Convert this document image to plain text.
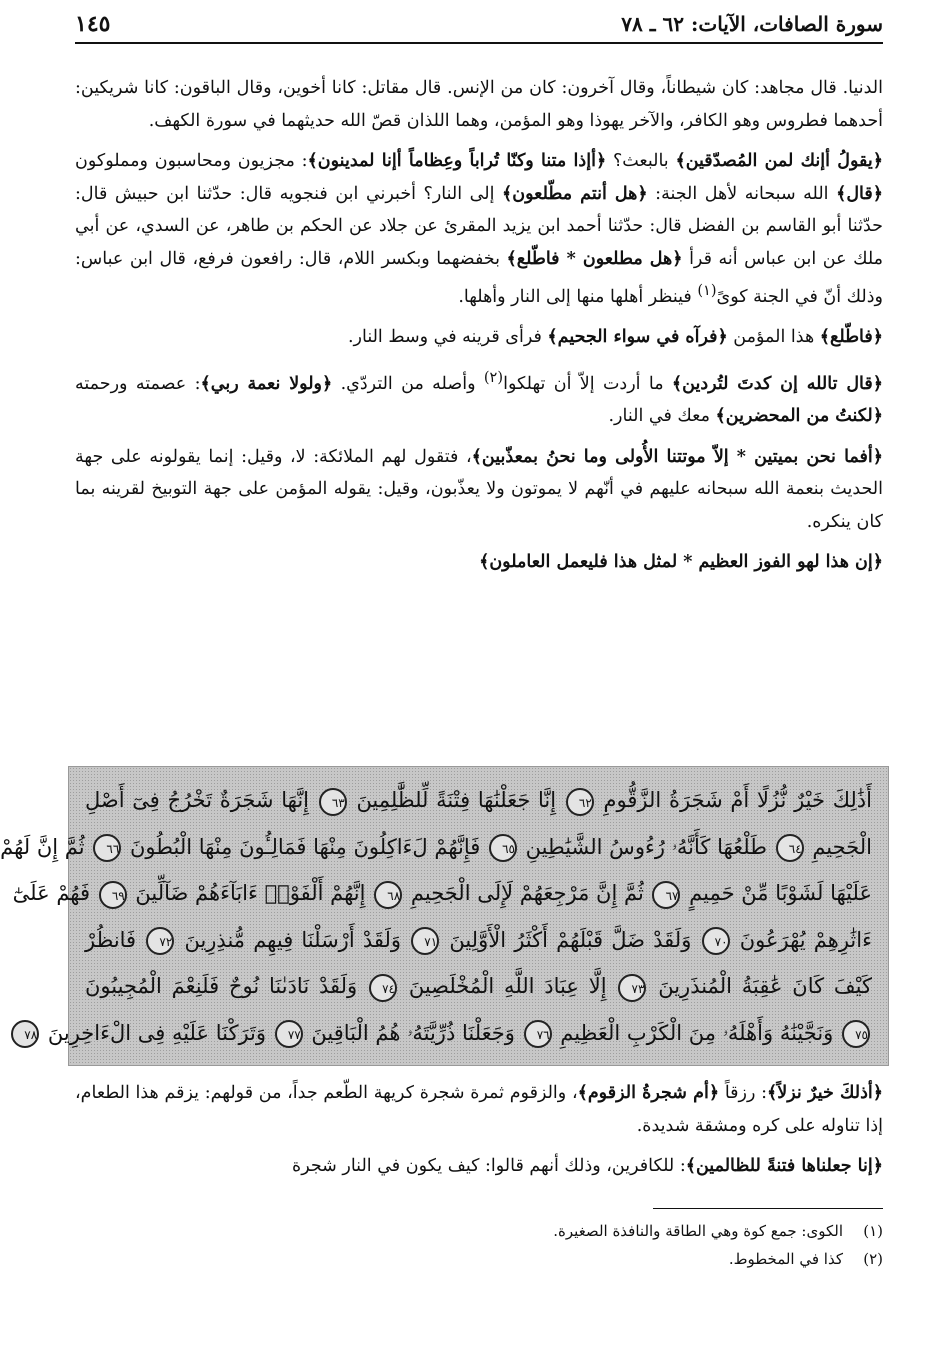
سورة الصافات، الآيات: ٦٢ ـ ٧٨
١٤٥

الدنيا. قال مجاهد: كان شيطاناً، وقال آخرون: كان من الإنس. قال مقاتل: كانا أخوين، وقال الباقون: كانا شريكين: أحدهما فطروس وهو الكافر، والآخر يهوذا وهو المؤمن، وهما اللذان قصّ الله حديثهما في سورة الكهف.

﴿يقولُ أإنك لمن المُصدّقين﴾ بالبعث؟ ﴿أإذا متنا وكنّا تُراباً وعِظاماً أإنا لمدينون﴾: مجزيون ومحاسبون ومملوكون ﴿قال﴾ الله سبحانه لأهل الجنة: ﴿هل أنتم مطّلعون﴾ إلى النار؟ أخبرني ابن فنجويه قال: حدّثنا ابن حبيش قال: حدّثنا أبو القاسم بن الفضل قال: حدّثنا أحمد ابن يزيد المقرئ عن جلاد عن الحكم بن طاهر، عن السدي، عن أبي ملك عن ابن عباس أنه قرأ ﴿هل مطلعون * فاطّلع﴾ بخفضهما وبكسر اللام، قال: رافعون فرفع، قال ابن عباس: وذلك أنّ في الجنة كوىً$^{(١)}$ فينظر أهلها منها إلى النار وأهلها.

﴿فاطّلع﴾ هذا المؤمن ﴿فرآه في سواء الجحيم﴾ فرأى قرينه في وسط النار.

﴿قال تالله إن كدتَ لتُردين﴾ ما أردت إلاّ أن تهلكوا$^{(٢)}$ وأصله من التردّي. ﴿ولولا نعمة ربي﴾: عصمته ورحمته ﴿لكنتُ من المحضرين﴾ معك في النار.

﴿أفما نحن بميتين * إلاّ موتتنا الأُولى وما نحنُ بمعذّبين﴾، فتقول لهم الملائكة: لا، وقيل: إنما يقولونه على جهة الحديث بنعمة الله سبحانه عليهم في أنّهم لا يموتون ولا يعذّبون، وقيل: يقوله المؤمن على جهة التوبيخ لقرينه بما كان ينكره.

﴿إن هذا لهو الفوز العظيم * لمثل هذا فليعمل العاملون﴾

أَذَٰلِكَ خَيْرٌ نُّزُلًا أَمْ شَجَرَةُ الزَّقُّومِ ٦٢ إِنَّا جَعَلْنَٰهَا فِتْنَةً لِّلظَّٰلِمِينَ ٦٣ إِنَّهَا شَجَرَةٌ تَخْرُجُ فِىٓ أَصْلِ
الْجَحِيمِ ٦٤ طَلْعُهَا كَأَنَّهُۥ رُءُوسُ الشَّيَٰطِينِ ٦٥ فَإِنَّهُمْ لَءَاكِلُونَ مِنْهَا فَمَالِـُٔونَ مِنْهَا الْبُطُونَ ٦٦ ثُمَّ إِنَّ لَهُمْ
عَلَيْهَا لَشَوْبًا مِّنْ حَمِيمٍ ٦٧ ثُمَّ إِنَّ مَرْجِعَهُمْ لَإِلَى الْجَحِيمِ ٦٨ إِنَّهُمْ أَلْفَوْا۟ ءَابَآءَهُمْ ضَآلِّينَ ٦٩ فَهُمْ عَلَىٰٓ
ءَاثَٰرِهِمْ يُهْرَعُونَ ٧٠ وَلَقَدْ ضَلَّ قَبْلَهُمْ أَكْثَرُ الْأَوَّلِينَ ٧١ وَلَقَدْ أَرْسَلْنَا فِيهِم مُّنذِرِينَ ٧٢ فَانظُرْ
كَيْفَ كَانَ عَٰقِبَةُ الْمُنذَرِينَ ٧٣ إِلَّا عِبَادَ اللَّهِ الْمُخْلَصِينَ ٧٤ وَلَقَدْ نَادَىٰنَا نُوحٌ فَلَنِعْمَ الْمُجِيبُونَ
٧٥ وَنَجَّيْنَٰهُ وَأَهْلَهُۥ مِنَ الْكَرْبِ الْعَظِيمِ ٧٦ وَجَعَلْنَا ذُرِّيَّتَهُۥ هُمُ الْبَاقِينَ ٧٧ وَتَرَكْنَا عَلَيْهِ فِى الْءَاخِرِينَ ٧٨

﴿أذلكَ خيرٌ نزلاً﴾: رزقاً ﴿أم شجرةُ الزقوم﴾، والزقوم ثمرة شجرة كريهة الطّعم جداً، من قولهم: يزقم هذا الطعام، إذا تناوله على كره ومشقة شديدة.

﴿إنا جعلناها فتنةً للظالمين﴾: للكافرين، وذلك أنهم قالوا: كيف يكون في النار شجرة

(١)الكوى: جمع كوة وهي الطاقة والنافذة الصغيرة.

(٢)كذا في المخطوط.
